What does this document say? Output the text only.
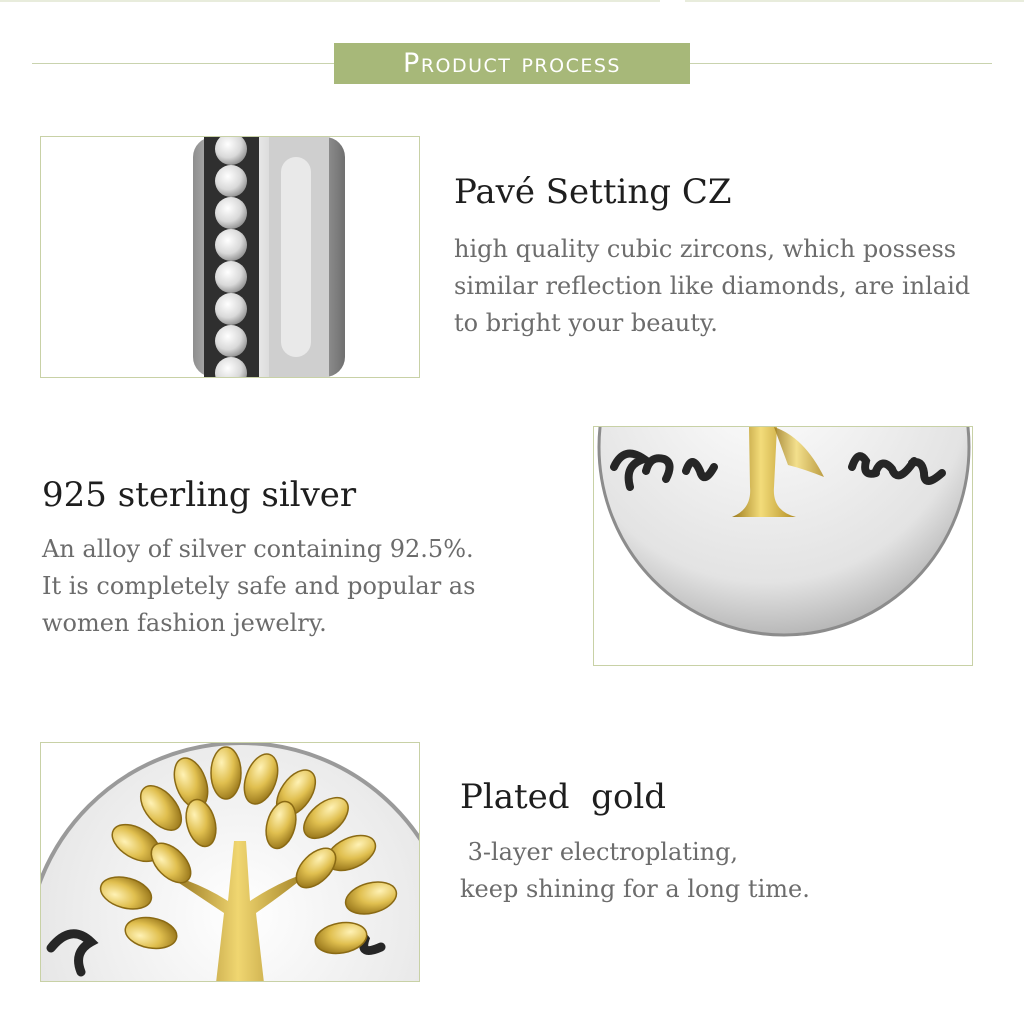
Product process
Pavé Setting CZ
high quality cubic zircons, which possess
similar reflection like diamonds, are inlaid
to bright your beauty.
925 sterling silver
An alloy of silver containing 92.5%.
It is completely safe and popular as
women fashion jewelry.
Plated  gold
3-layer electroplating,
keep shining for a long time.
